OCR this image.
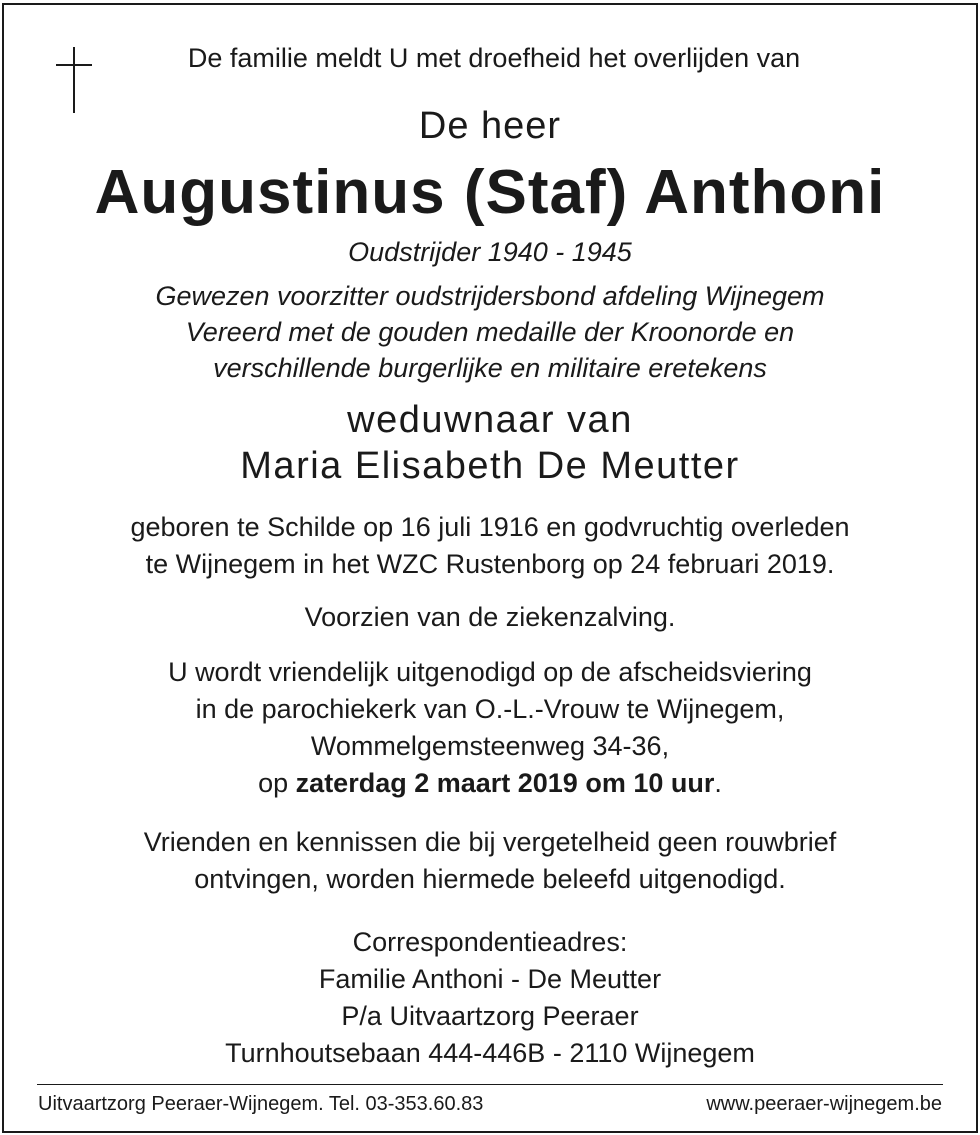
De familie meldt U met droefheid het overlijden van
De heer
Augustinus (Staf) Anthoni
Oudstrijder 1940 - 1945
Gewezen voorzitter oudstrijdersbond afdeling Wijnegem
Vereerd met de gouden medaille der Kroonorde en
verschillende burgerlijke en militaire eretekens
weduwnaar van
Maria Elisabeth De Meutter
geboren te Schilde op 16 juli 1916 en godvruchtig overleden
te Wijnegem in het WZC Rustenborg op 24 februari 2019.
Voorzien van de ziekenzalving.
U wordt vriendelijk uitgenodigd op de afscheidsviering
in de parochiekerk van O.-L.-Vrouw te Wijnegem,
Wommelgemsteenweg 34-36,
op zaterdag 2 maart 2019 om 10 uur.
Vrienden en kennissen die bij vergetelheid geen rouwbrief
ontvingen, worden hiermede beleefd uitgenodigd.
Correspondentieadres:
Familie Anthoni - De Meutter
P/a Uitvaartzorg Peeraer
Turnhoutsebaan 444-446B - 2110 Wijnegem
Uitvaartzorg Peeraer-Wijnegem. Tel. 03-353.60.83	www.peeraer-wijnegem.be
